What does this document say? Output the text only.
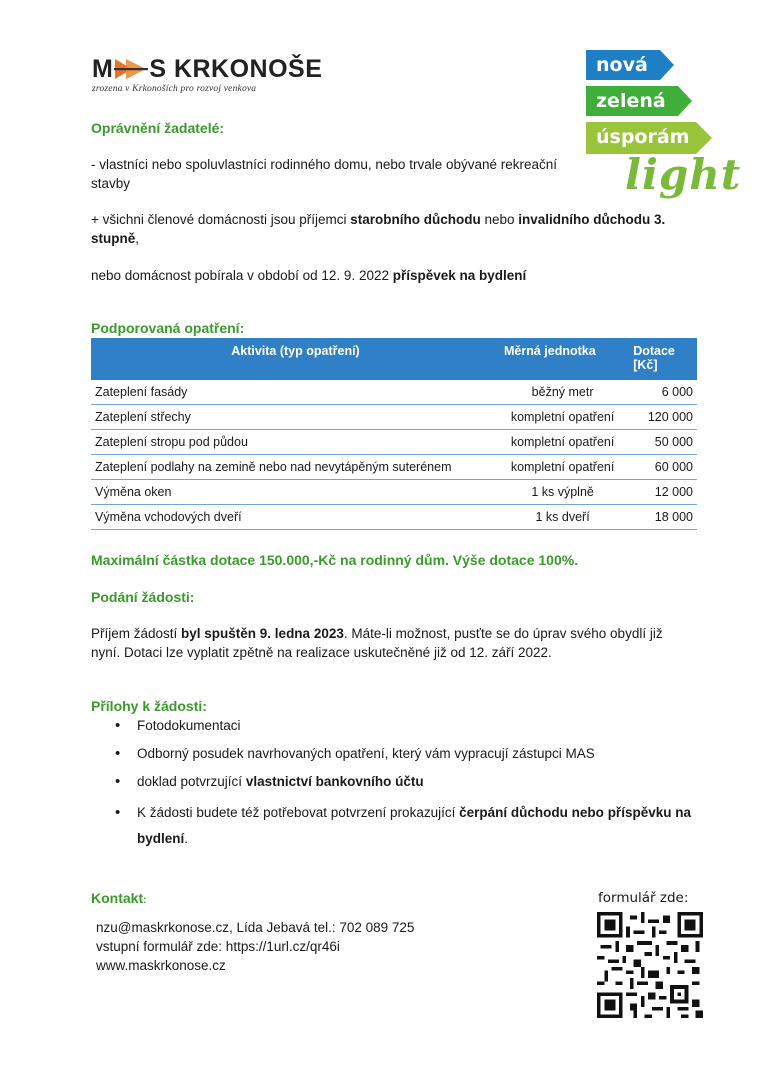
M S KRKONOŠE
zrozena v Krkonoších pro rozvoj venkova
nová
zelená
úsporám
light
Oprávnění žadatelé:
- vlastníci nebo spoluvlastníci rodinného domu, nebo trvale obývané rekreační stavby
+ všichni členové domácnosti jsou příjemci starobního důchodu nebo invalidního důchodu 3. stupně,
nebo domácnost pobírala v období od 12. 9. 2022 příspěvek na bydlení
Podporovaná opatření:
Aktivita (typ opatření)	Měrná jednotka	Dotace [Kč]
Zateplení fasády	běžný metr	6 000
Zateplení střechy	kompletní opatření	120 000
Zateplení stropu pod půdou	kompletní opatření	50 000
Zateplení podlahy na zemině nebo nad nevytápěným suterénem	kompletní opatření	60 000
Výměna oken	1 ks výplně	12 000
Výměna vchodových dveří	1 ks dveří	18 000
Maximální částka dotace 150.000,-Kč na rodinný dům. Výše dotace 100%.
Podání žádosti:
Příjem žádostí byl spuštěn 9. ledna 2023. Máte-li možnost, pusťte se do úprav svého obydlí již nyní. Dotaci lze vyplatit zpětně na realizace uskutečněné již od 12. září 2022.
Přílohy k žádosti:
• Fotodokumentaci
• Odborný posudek navrhovaných opatření, který vám vypracují zástupci MAS
• doklad potvrzující vlastnictví bankovního účtu
• K žádosti budete též potřebovat potvrzení prokazující čerpání důchodu nebo příspěvku na bydlení.
Kontakt:
nzu@maskrkonose.cz, Lída Jebavá tel.: 702 089 725
vstupní formulář zde: https://1url.cz/qr46i
www.maskrkonose.cz
formulář zde:
